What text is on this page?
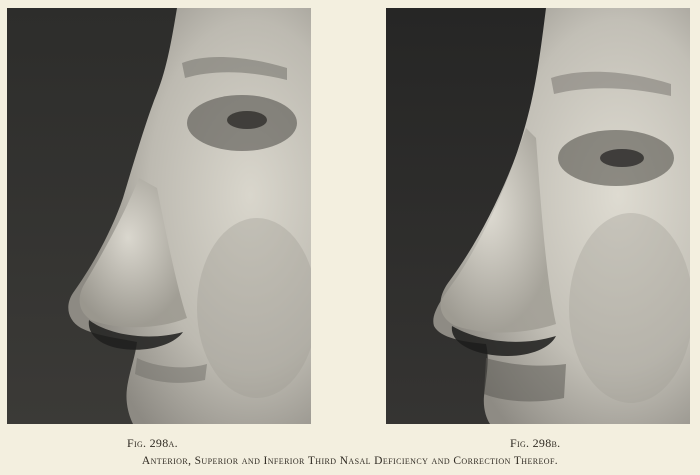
Fig. 298a.	Fig. 298b.
Anterior, Superior and Inferior Third Nasal Deficiency and Correction Thereof.
